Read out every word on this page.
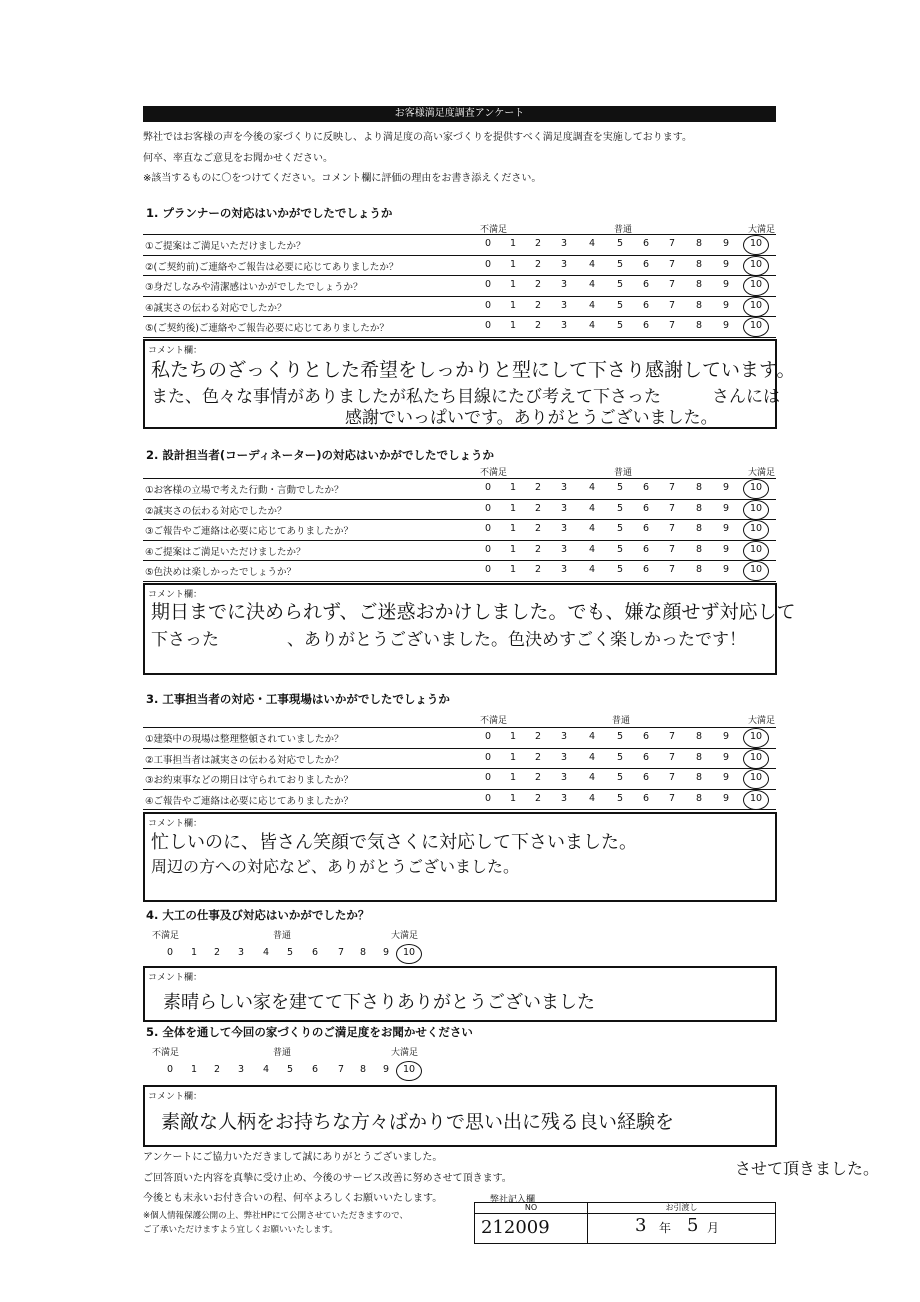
お客様満足度調査アンケート
弊社ではお客様の声を今後の家づくりに反映し、より満足度の高い家づくりを提供すべく満足度調査を実施しております。
何卒、率直なご意見をお聞かせください。
※該当するものに〇をつけてください。コメント欄に評価の理由をお書き添えください。
1. プランナーの対応はいかがでしたでしょうか
不満足	普通	大満足
①ご提案はご満足いただけましたか？	0	1	2	3	4	5	6	7	8	9	10
②(ご契約前)ご連絡やご報告は必要に応じてありましたか？	0	1	2	3	4	5	6	7	8	9	10
③身だしなみや清潔感はいかがでしたでしょうか？	0	1	2	3	4	5	6	7	8	9	10
④誠実さの伝わる対応でしたか？	0	1	2	3	4	5	6	7	8	9	10
⑤(ご契約後)ご連絡やご報告必要に応じてありましたか？	0	1	2	3	4	5	6	7	8	9	10
コメント欄：
私たちのざっくりとした希望をしっかりと型にして下さり感謝しています。
また、色々な事情がありましたが私たち目線にたび考えて下さった　　　さんには
感謝でいっぱいです。ありがとうございました。
2. 設計担当者(コーディネーター)の対応はいかがでしたでしょうか
不満足	普通	大満足
①お客様の立場で考えた行動・言動でしたか？	0	1	2	3	4	5	6	7	8	9	10
②誠実さの伝わる対応でしたか？	0	1	2	3	4	5	6	7	8	9	10
③ご報告やご連絡は必要に応じてありましたか？	0	1	2	3	4	5	6	7	8	9	10
④ご提案はご満足いただけましたか？	0	1	2	3	4	5	6	7	8	9	10
⑤色決めは楽しかったでしょうか？	0	1	2	3	4	5	6	7	8	9	10
コメント欄：
期日までに決められず、ご迷惑おかけしました。でも、嫌な顔せず対応して
下さった　　　　、ありがとうございました。色決めすごく楽しかったです！
3. 工事担当者の対応・工事現場はいかがでしたでしょうか
不満足	普通	大満足
①建築中の現場は整理整頓されていましたか？	0	1	2	3	4	5	6	7	8	9	10
②工事担当者は誠実さの伝わる対応でしたか？	0	1	2	3	4	5	6	7	8	9	10
③お約束事などの期日は守られておりましたか？	0	1	2	3	4	5	6	7	8	9	10
④ご報告やご連絡は必要に応じてありましたか？	0	1	2	3	4	5	6	7	8	9	10
コメント欄：
忙しいのに、皆さん笑顔で気さくに対応して下さいました。
周辺の方への対応など、ありがとうございました。
4. 大工の仕事及び対応はいかがでしたか？
不満足	普通	大満足
0	1	2	3	4	5	6	7	8	9	10
コメント欄：
素晴らしい家を建てて下さりありがとうございました
5. 全体を通して今回の家づくりのご満足度をお聞かせください
不満足	普通	大満足
0	1	2	3	4	5	6	7	8	9	10
コメント欄：
素敵な人柄をお持ちな方々ばかりで思い出に残る良い経験を
させて頂きました。
アンケートにご協力いただきまして誠にありがとうございました。
ご回答頂いた内容を真摯に受け止め、今後のサービス改善に努めさせて頂きます。
今後とも末永いお付き合いの程、何卒よろしくお願いいたします。
※個人情報保護公開の上、弊社HPにて公開させていただきますので、
ご了承いただけますよう宜しくお願いいたします。
弊社記入欄
NO	お引渡し
212009	3 年 5 月
